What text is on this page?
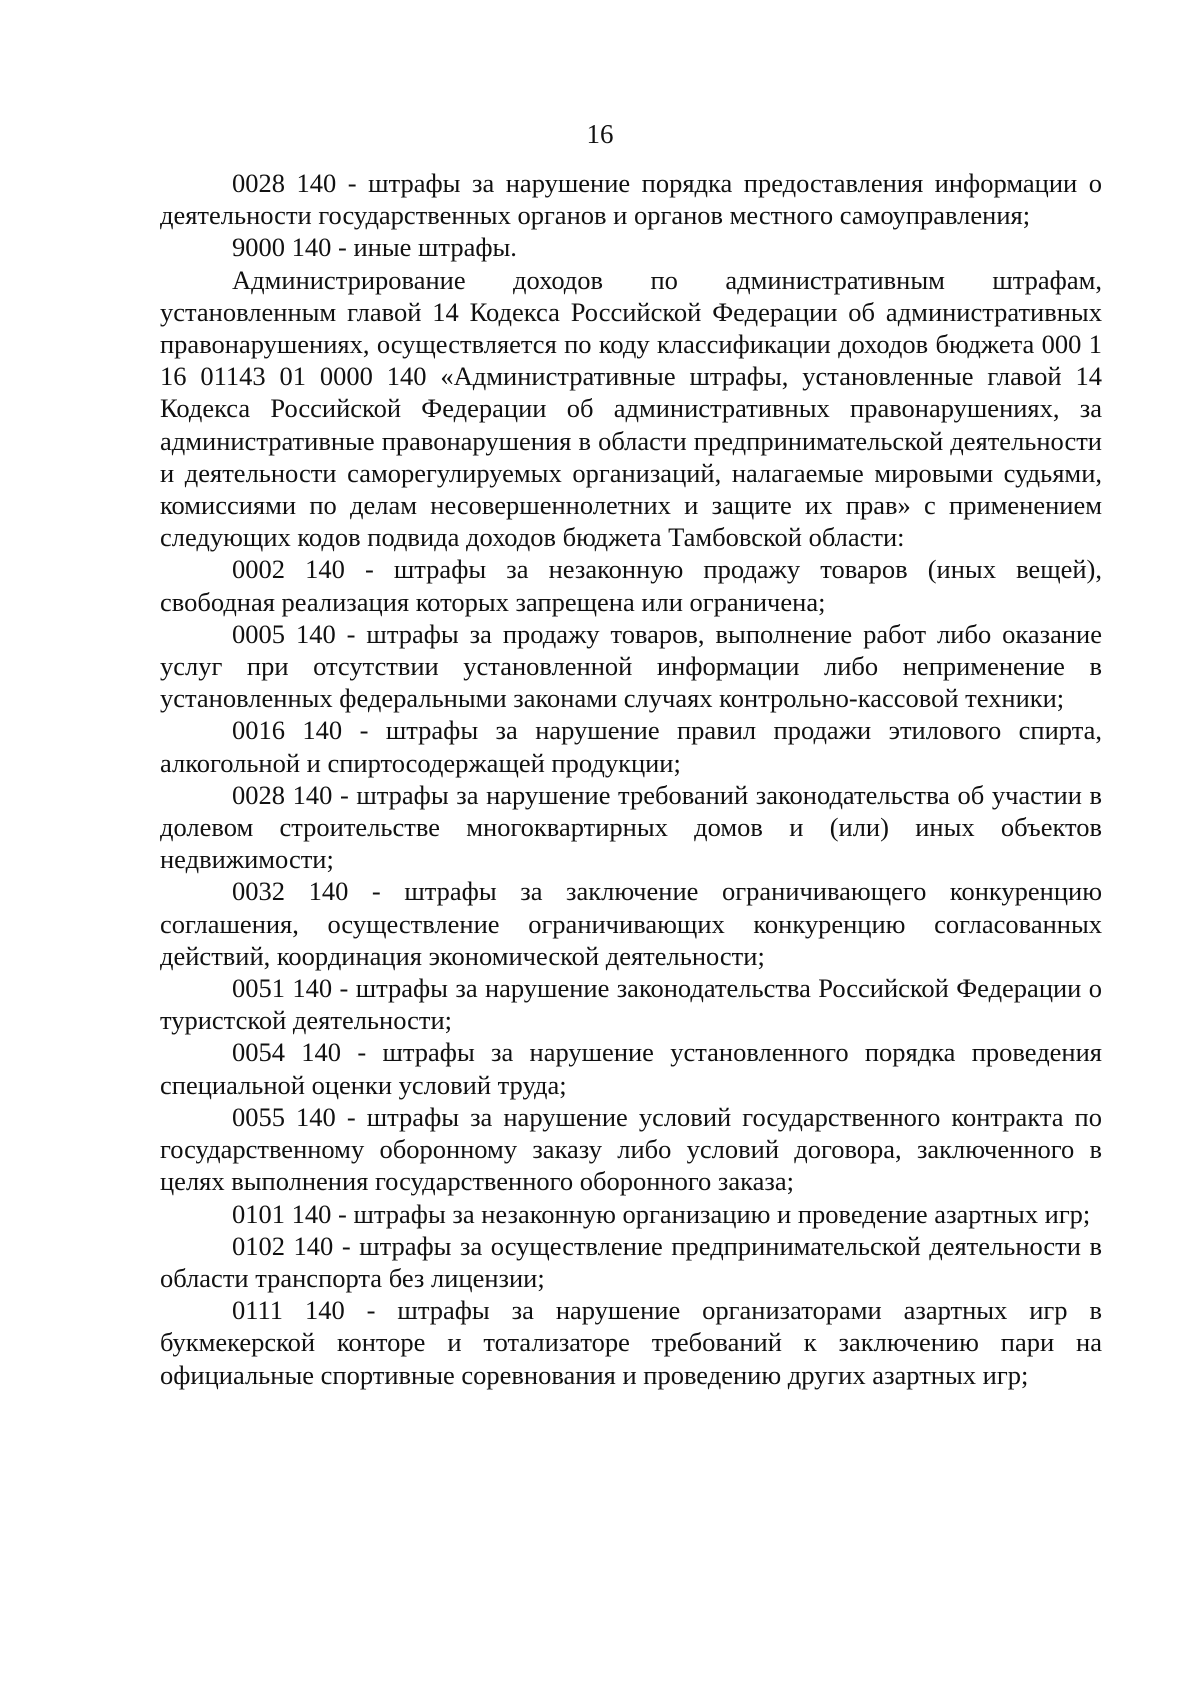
16

0028 140 - штрафы за нарушение порядка предоставления информации о деятельности государственных органов и органов местного самоуправления;

9000 140 - иные штрафы.

Администрирование доходов по административным штрафам, установленным главой 14 Кодекса Российской Федерации об административных правонарушениях, осуществляется по коду классификации доходов бюджета 000 1 16 01143 01 0000 140 «Административные штрафы, установленные главой 14 Кодекса Российской Федерации об административных правонарушениях, за административные правонарушения в области предпринимательской деятельности и деятельности саморегулируемых организаций, налагаемые мировыми судьями, комиссиями по делам несовершеннолетних и защите их прав» с применением следующих кодов подвида доходов бюджета Тамбовской области:

0002 140 - штрафы за незаконную продажу товаров (иных вещей), свободная реализация которых запрещена или ограничена;

0005 140 - штрафы за продажу товаров, выполнение работ либо оказание услуг при отсутствии установленной информации либо неприменение в установленных федеральными законами случаях контрольно-кассовой техники;

0016 140 - штрафы за нарушение правил продажи этилового спирта, алкогольной и спиртосодержащей продукции;

0028 140 - штрафы за нарушение требований законодательства об участии в долевом строительстве многоквартирных домов и (или) иных объектов недвижимости;

0032 140 - штрафы за заключение ограничивающего конкуренцию соглашения, осуществление ограничивающих конкуренцию согласованных действий, координация экономической деятельности;

0051 140 - штрафы за нарушение законодательства Российской Федерации о туристской деятельности;

0054 140 - штрафы за нарушение установленного порядка проведения специальной оценки условий труда;

0055 140 - штрафы за нарушение условий государственного контракта по государственному оборонному заказу либо условий договора, заключенного в целях выполнения государственного оборонного заказа;

0101 140 - штрафы за незаконную организацию и проведение азартных игр;

0102 140 - штрафы за осуществление предпринимательской деятельности в области транспорта без лицензии;

0111 140 - штрафы за нарушение организаторами азартных игр в букмекерской конторе и тотализаторе требований к заключению пари на официальные спортивные соревнования и проведению других азартных игр;
